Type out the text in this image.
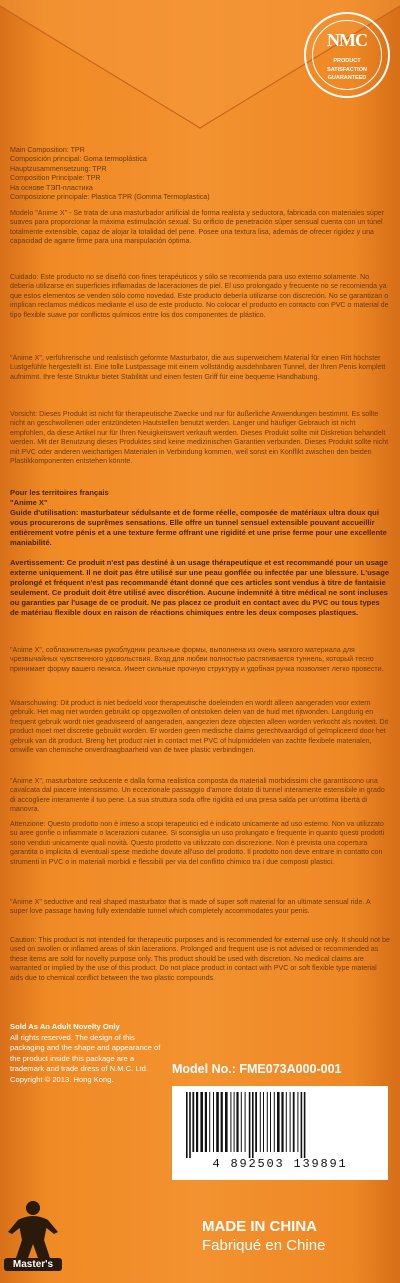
NMC
PRODUCT
SATISFACTION
GUARANTEED

Main Composition: TPR

Composición principal: Goma termoplástica

Hauptzusammensetzung: TPR

Composition Principale: TPR

На основе ТЭП-пластика

Composizione principale: Plastica TPR (Gomma Termoplastica)

Modelo "Anime X" - Se trata de una masturbador artificial de forma realista y seductora, fabricada con materiales súper suaves para proporcionar la máxima estimulación sexual. Su orificio de penetración súper sensual cuenta con un túnel totalmente extensible, capaz de alojar la totalidad del pene. Posee una textura lisa, además de ofrecer rigidez y una capacidad de agarre firme para una manipulación óptima.
Cuidado: Este producto no se diseñó con fines terapéuticos y sólo se recomienda para uso externo solamente. No debería utilizarse en superficies inflamadas de laceraciones de piel. El uso prolongado y frecuente no se recomienda ya que estos elementos se venden sólo como novedad. Este producto debería utilizarse con discreción. No se garantizan o implican reclamos médicos mediante el uso de este producto. No colocar el producto en contacto con PVC o material de tipo flexible suave por conflictos químicos entre los dos componentes de plástico.
"Anime X", verführerische und realistisch geformte Masturbator, die aus superweichem Material für einen Ritt höchster Lustgefühle hergestellt ist. Eine tolle Lustpassage mit einem vollständig ausdehnbaren Tunnel, der Ihren Penis komplett aufnimmt. Ihre feste Struktur bietet Stabilität und einen festen Griff für eine bequeme Handhabung.
Vorsicht: Dieses Produkt ist nicht für therapeutische Zwecke und nur für äußerliche Anwendungen bestimmt. Es sollte nicht an geschwollenen oder entzündeten Hautstellen benutzt werden. Langer und häufiger Gebrauch ist nicht empfohlen, da diese Artikel nur für Ihren Neuigkeitswert verkauft werden. Dieses Produkt sollte mit Diskretion behandelt werden. Mit der Benutzung dieses Produktes sind keine medizinischen Garantien verbunden. Dieses Produkt sollte nicht mit PVC oder anderen weichartigen Materialen in Verbindung kommen, weil sonst ein Konflikt zwischen den beiden Plastikkomponenten entstehen könnte.

Pour les territoires français

"Anime X"

Guide d'utilisation: masturbateur sédulsante et de forme réelle, composée de matériaux ultra doux qui vous procurerons de suprêmes sensations. Elle offre un tunnel sensuel extensible pouvant accueillir entièrement votre pénis et a une texture ferme offrant une rigidité et une prise ferme pour une excellente maniabilité.

Avertissement: Ce produit n'est pas destiné à un usage thérapeutique et est recommandé pour un usage externe uniquement. Il ne doit pas être utilisé sur une peau gonflée ou infectée par une blessure. L'usage prolongé et fréquent n'est pas recommandé étant donné que ces articles sont vendus à titre de fantaisie seulement. Ce produit doit être utilisé avec discrétion. Aucune indemnité à titre médical ne sont incluses ou garanties par l'usage de ce produit. Ne pas placez ce produit en contact avec du PVC ou tous types de matériau flexible doux en raison de réactions chimiques entre les deux composes plastiques.

"Anime X", соблазнительная рукоблудник реальные формы, выполнена из очень мягкого материала для чрезвычайных чувственного удовольствия. Вход для любви полностью растягивается туннель, который тесно принимает форму вашего пениса. Имеет сильные прочную структуру и удобная ручка позволяет легко провести.
Waarschuwing: Dit product is niet bedoeld voor therapeutische doeleinden en wordt alleen aangeraden voor extern gebruik. Het mag niet worden gebruikt op opgezwollen of ontstoken delen van de huid met rijtwonden. Langdurig en frequent gebruik wordt niet geadviseerd of aangeraden, aangezien deze objecten alleen worden verkocht als noviteit. Dit product moet met discretie gebruikt worden. Er worden geen medische claims gerechtvaardigd of geïmpliceerd door het gebruik van dit product. Breng het product niet in contact met PVC of hulpmiddelen van zachte flexibele materialen, omwille van chemische onverdraagbaarheid van de twee plastic verbindingen.
"Anime X", masturbatore seducente e dalla forma realistica composta da materiali morbidissimi che garantiscono una cavalcata dal piacere intensissimo. Un eccezionale passaggio d'amore dotato di tunnel interamente estensibile in grado di accogliere interamente il tuo pene. La sua struttura soda offre rigidità ed una presa salda per un'ottima libertà di manovra.
Attenzione: Questo prodotto non è inteso a scopi terapeutici ed è indicato unicamente ad uso esterno. Non va utilizzato su aree gonfie o infiammate o lacerazioni cutanee. Si sconsiglia un uso prolungato e frequente in quanto questi prodotti sono venduti unicamente quali novità. Questo prodotto va utilizzato con discrezione. Non è prevista una copertura garantita o implicita di eventuali spese mediche dovute all'uso del prodotto. Il prodotto non deve entrare in contatto con strumenti in PVC o in materiali morbidi e flessibili per via del conflitto chimico tra i due composti plastici.
"Anime X" seductive and real shaped masturbator that is made of super soft material for an ultimate sensual ride. A super love passage having fully extendable tunnel which completely accommodates your penis.
Caution: This product is not intended for therapeutic purposes and is recommended for external use only. It should not be used on swollen or inflamed areas of skin lacerations. Prolonged and frequent use is not advised or recommended as these items are sold for novelty purpose only. This product should be used with discretion. No medical claims are warranted or implied by the use of this product. Do not place product in contact with PVC or soft flexible type material aids due to chemical conflict between the two plastic compounds.
Sold As An Adult Novelty Only
All rights reserved. The design of this packaging and the shape and appearance of the product inside this package are a trademark and trade dress of N.M.C. Ltd.
Copyright © 2013. Hong Kong.
Model No.: FME073A000-001
4 892503 139891
Master's
MADE IN CHINA
Fabriqué en Chine
